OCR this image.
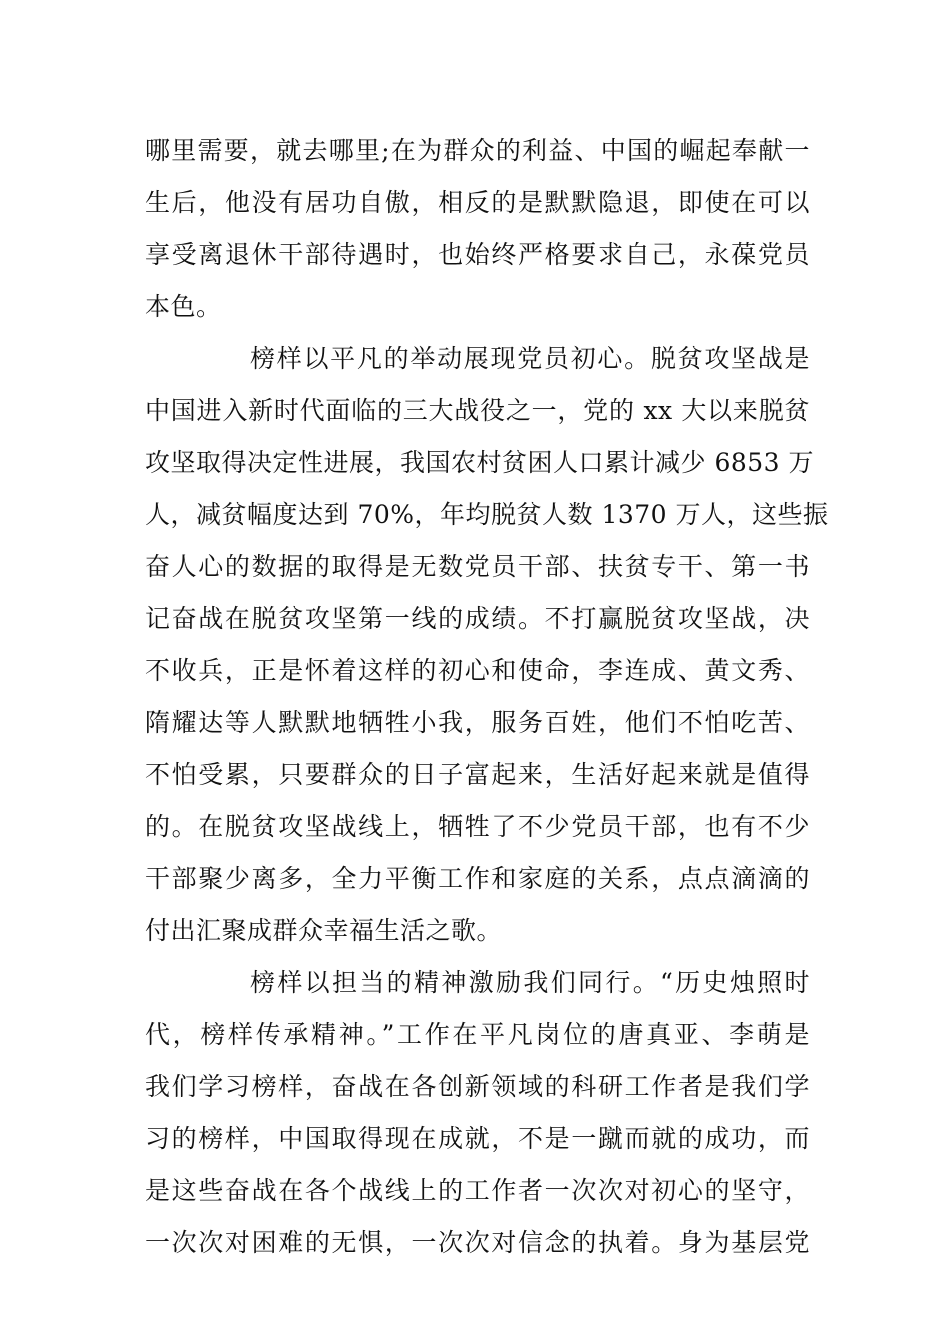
哪里需要，就去哪里;在为群众的利益、中国的崛起奉献一
生后，他没有居功自傲，相反的是默默隐退，即使在可以
享受离退休干部待遇时，也始终严格要求自己，永葆党员
本色。
榜样以平凡的举动展现党员初心。脱贫攻坚战是
中国进入新时代面临的三大战役之一，党的 xx 大以来脱贫
攻坚取得决定性进展，我国农村贫困人口累计减少 6853 万
人，减贫幅度达到 70%，年均脱贫人数 1370 万人，这些振
奋人心的数据的取得是无数党员干部、扶贫专干、第一书
记奋战在脱贫攻坚第一线的成绩。不打赢脱贫攻坚战，决
不收兵，正是怀着这样的初心和使命，李连成、黄文秀、
隋耀达等人默默地牺牲小我，服务百姓，他们不怕吃苦、
不怕受累，只要群众的日子富起来，生活好起来就是值得
的。在脱贫攻坚战线上，牺牲了不少党员干部，也有不少
干部聚少离多，全力平衡工作和家庭的关系，点点滴滴的
付出汇聚成群众幸福生活之歌。
榜样以担当的精神激励我们同行。“历史烛照时
代，榜样传承精神。”工作在平凡岗位的唐真亚、李萌是
我们学习榜样，奋战在各创新领域的科研工作者是我们学
习的榜样，中国取得现在成就，不是一蹴而就的成功，而
是这些奋战在各个战线上的工作者一次次对初心的坚守，
一次次对困难的无惧，一次次对信念的执着。身为基层党
